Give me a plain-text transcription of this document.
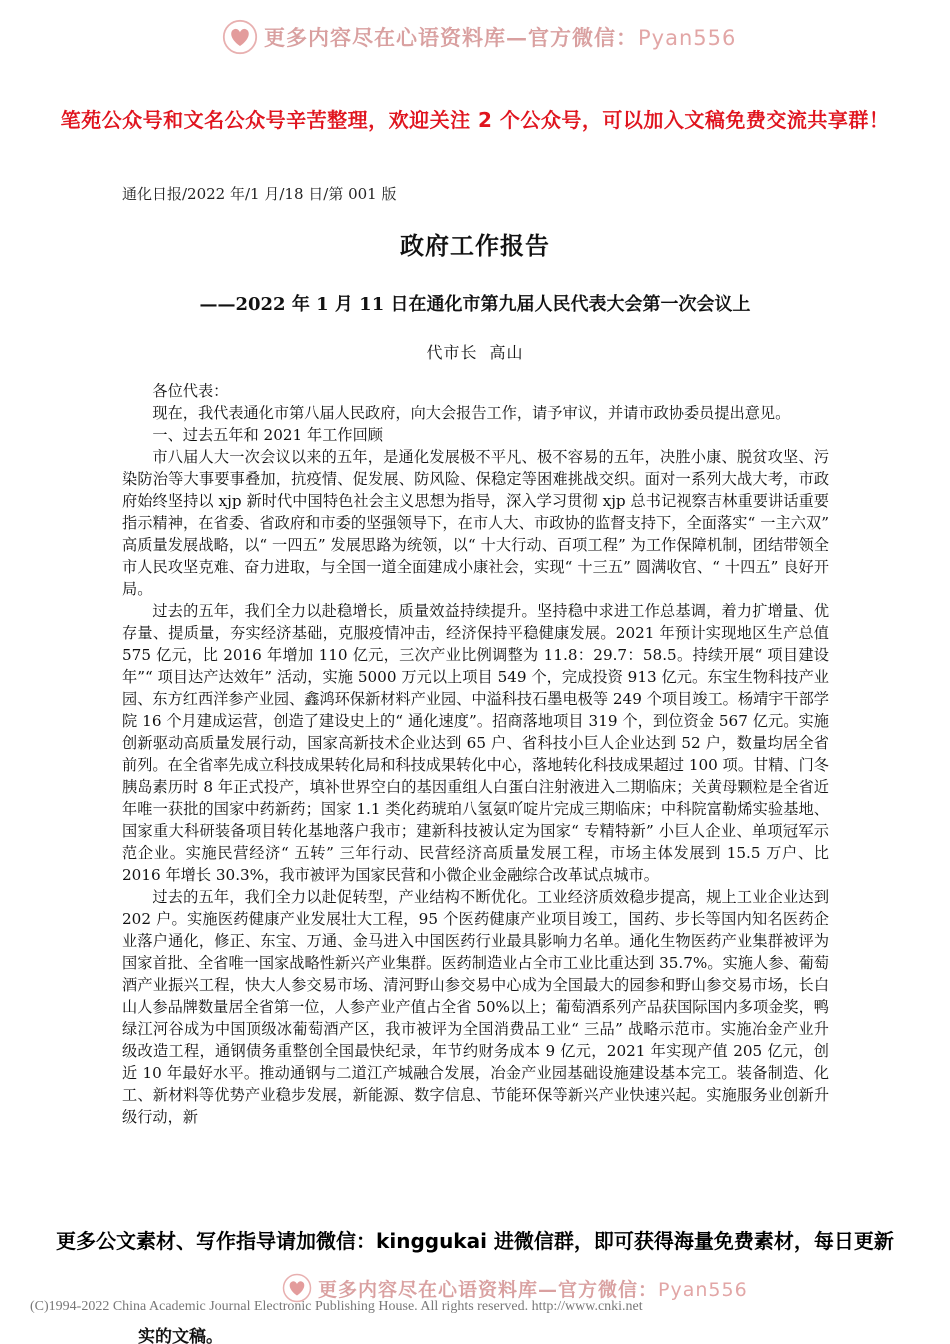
更多内容尽在心语资料库—官方微信：Pyan556
笔苑公众号和文名公众号辛苦整理，欢迎关注 2 个公众号，可以加入文稿免费交流共享群！
通化日报/2022 年/1 月/18 日/第 001 版
政府工作报告
——2022 年 1 月 11 日在通化市第九届人民代表大会第一次会议上
代市长 高山

各位代表：

现在，我代表通化市第八届人民政府，向大会报告工作，请予审议，并请市政协委员提出意见。

一、过去五年和 2021 年工作回顾

市八届人大一次会议以来的五年，是通化发展极不平凡、极不容易的五年，决胜小康、脱贫攻坚、污染防治等大事要事叠加，抗疫情、促发展、防风险、保稳定等困难挑战交织。面对一系列大战大考，市政府始终坚持以 xjp 新时代中国特色社会主义思想为指导，深入学习贯彻 xjp 总书记视察吉林重要讲话重要指示精神，在省委、省政府和市委的坚强领导下，在市人大、市政协的监督支持下，全面落实“ 一主六双” 高质量发展战略，以“ 一四五” 发展思路为统领，以“ 十大行动、百项工程” 为工作保障机制，团结带领全市人民攻坚克难、奋力进取，与全国一道全面建成小康社会，实现“ 十三五” 圆满收官、“ 十四五” 良好开局。

过去的五年，我们全力以赴稳增长，质量效益持续提升。坚持稳中求进工作总基调，着力扩增量、优存量、提质量，夯实经济基础，克服疫情冲击，经济保持平稳健康发展。2021 年预计实现地区生产总值 575 亿元，比 2016 年增加 110 亿元，三次产业比例调整为 11.8：29.7：58.5。持续开展“ 项目建设年”“ 项目达产达效年” 活动，实施 5000 万元以上项目 549 个，完成投资 913 亿元。东宝生物科技产业园、东方红西洋参产业园、鑫鸿环保新材料产业园、中溢科技石墨电极等 249 个项目竣工。杨靖宇干部学院 16 个月建成运营，创造了建设史上的“ 通化速度”。招商落地项目 319 个，到位资金 567 亿元。实施创新驱动高质量发展行动，国家高新技术企业达到 65 户、省科技小巨人企业达到 52 户，数量均居全省前列。在全省率先成立科技成果转化局和科技成果转化中心，落地转化科技成果超过 100 项。甘精、门冬胰岛素历时 8 年正式投产，填补世界空白的基因重组人白蛋白注射液进入二期临床；关黄母颗粒是全省近年唯一获批的国家中药新药；国家 1.1 类化药琥珀八氢氨吖啶片完成三期临床；中科院富勒烯实验基地、国家重大科研装备项目转化基地落户我市；建新科技被认定为国家“ 专精特新” 小巨人企业、单项冠军示范企业。实施民营经济“ 五转” 三年行动、民营经济高质量发展工程，市场主体发展到 15.5 万户、比 2016 年增长 30.3%，我市被评为国家民营和小微企业金融综合改革试点城市。

过去的五年，我们全力以赴促转型，产业结构不断优化。工业经济质效稳步提高，规上工业企业达到 202 户。实施医药健康产业发展壮大工程，95 个医药健康产业项目竣工，国药、步长等国内知名医药企业落户通化，修正、东宝、万通、金马进入中国医药行业最具影响力名单。通化生物医药产业集群被评为国家首批、全省唯一国家战略性新兴产业集群。医药制造业占全市工业比重达到 35.7%。实施人参、葡萄酒产业振兴工程，快大人参交易市场、清河野山参交易中心成为全国最大的园参和野山参交易市场，长白山人参品牌数量居全省第一位，人参产业产值占全省 50%以上；葡萄酒系列产品获国际国内多项金奖，鸭绿江河谷成为中国顶级冰葡萄酒产区，我市被评为全国消费品工业“ 三品” 战略示范市。实施冶金产业升级改造工程，通钢债务重整创全国最快纪录，年节约财务成本 9 亿元，2021 年实现产值 205 亿元，创近 10 年最好水平。推动通钢与二道江产城融合发展，冶金产业园基础设施建设基本完工。装备制造、化工、新材料等优势产业稳步发展，新能源、数字信息、节能环保等新兴产业快速兴起。实施服务业创新升级行动，新

更多公文素材、写作指导请加微信：kinggukai 进微信群，即可获得海量免费素材，每日更新
实的文稿。
更多内容尽在心语资料库—官方微信：Pyan556
(C)1994-2022 China Academic Journal Electronic Publishing House. All rights reserved. http://www.cnki.net
